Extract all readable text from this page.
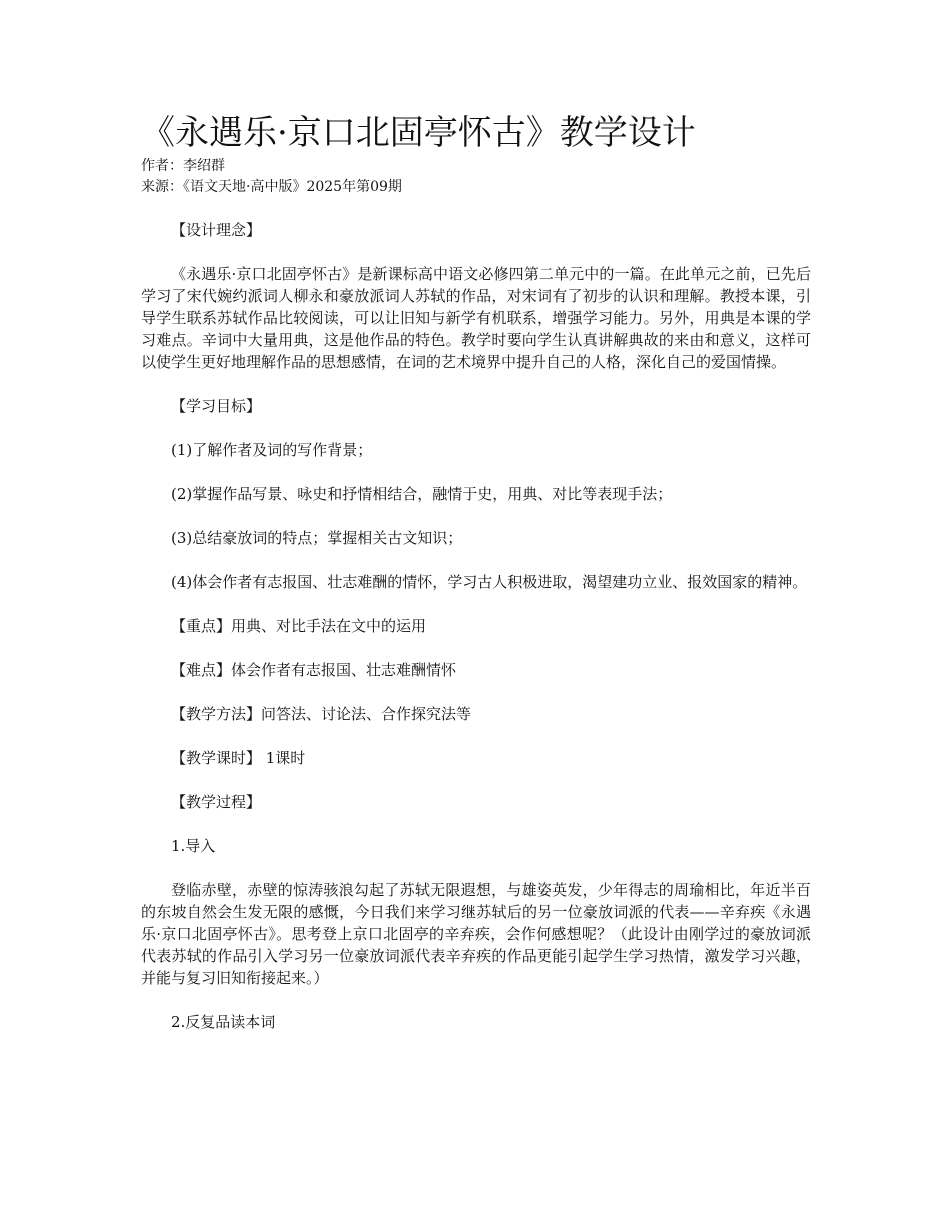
《永遇乐·京口北固亭怀古》教学设计
作者：李绍群
来源：《语文天地·高中版》2025年第09期

【设计理念】

《永遇乐·京口北固亭怀古》是新课标高中语文必修四第二单元中的一篇。在此单元之前，已先后学习了宋代婉约派词人柳永和豪放派词人苏轼的作品，对宋词有了初步的认识和理解。教授本课，引导学生联系苏轼作品比较阅读，可以让旧知与新学有机联系，增强学习能力。另外，用典是本课的学习难点。辛词中大量用典，这是他作品的特色。教学时要向学生认真讲解典故的来由和意义，这样可以使学生更好地理解作品的思想感情，在词的艺术境界中提升自己的人格，深化自己的爱国情操。

【学习目标】

(1)了解作者及词的写作背景；

(2)掌握作品写景、咏史和抒情相结合，融情于史，用典、对比等表现手法；

(3)总结豪放词的特点；掌握相关古文知识；

(4)体会作者有志报国、壮志难酬的情怀，学习古人积极进取，渴望建功立业、报效国家的精神。

【重点】用典、对比手法在文中的运用

【难点】体会作者有志报国、壮志难酬情怀

【教学方法】问答法、讨论法、合作探究法等

【教学课时】 1课时

【教学过程】

1.导入

登临赤壁，赤壁的惊涛骇浪勾起了苏轼无限遐想，与雄姿英发，少年得志的周瑜相比，年近半百的东坡自然会生发无限的感慨，今日我们来学习继苏轼后的另一位豪放词派的代表——辛弃疾《永遇乐·京口北固亭怀古》。思考登上京口北固亭的辛弃疾，会作何感想呢？（此设计由刚学过的豪放词派代表苏轼的作品引入学习另一位豪放词派代表辛弃疾的作品更能引起学生学习热情，激发学习兴趣，并能与复习旧知衔接起来。）

2.反复品读本词
